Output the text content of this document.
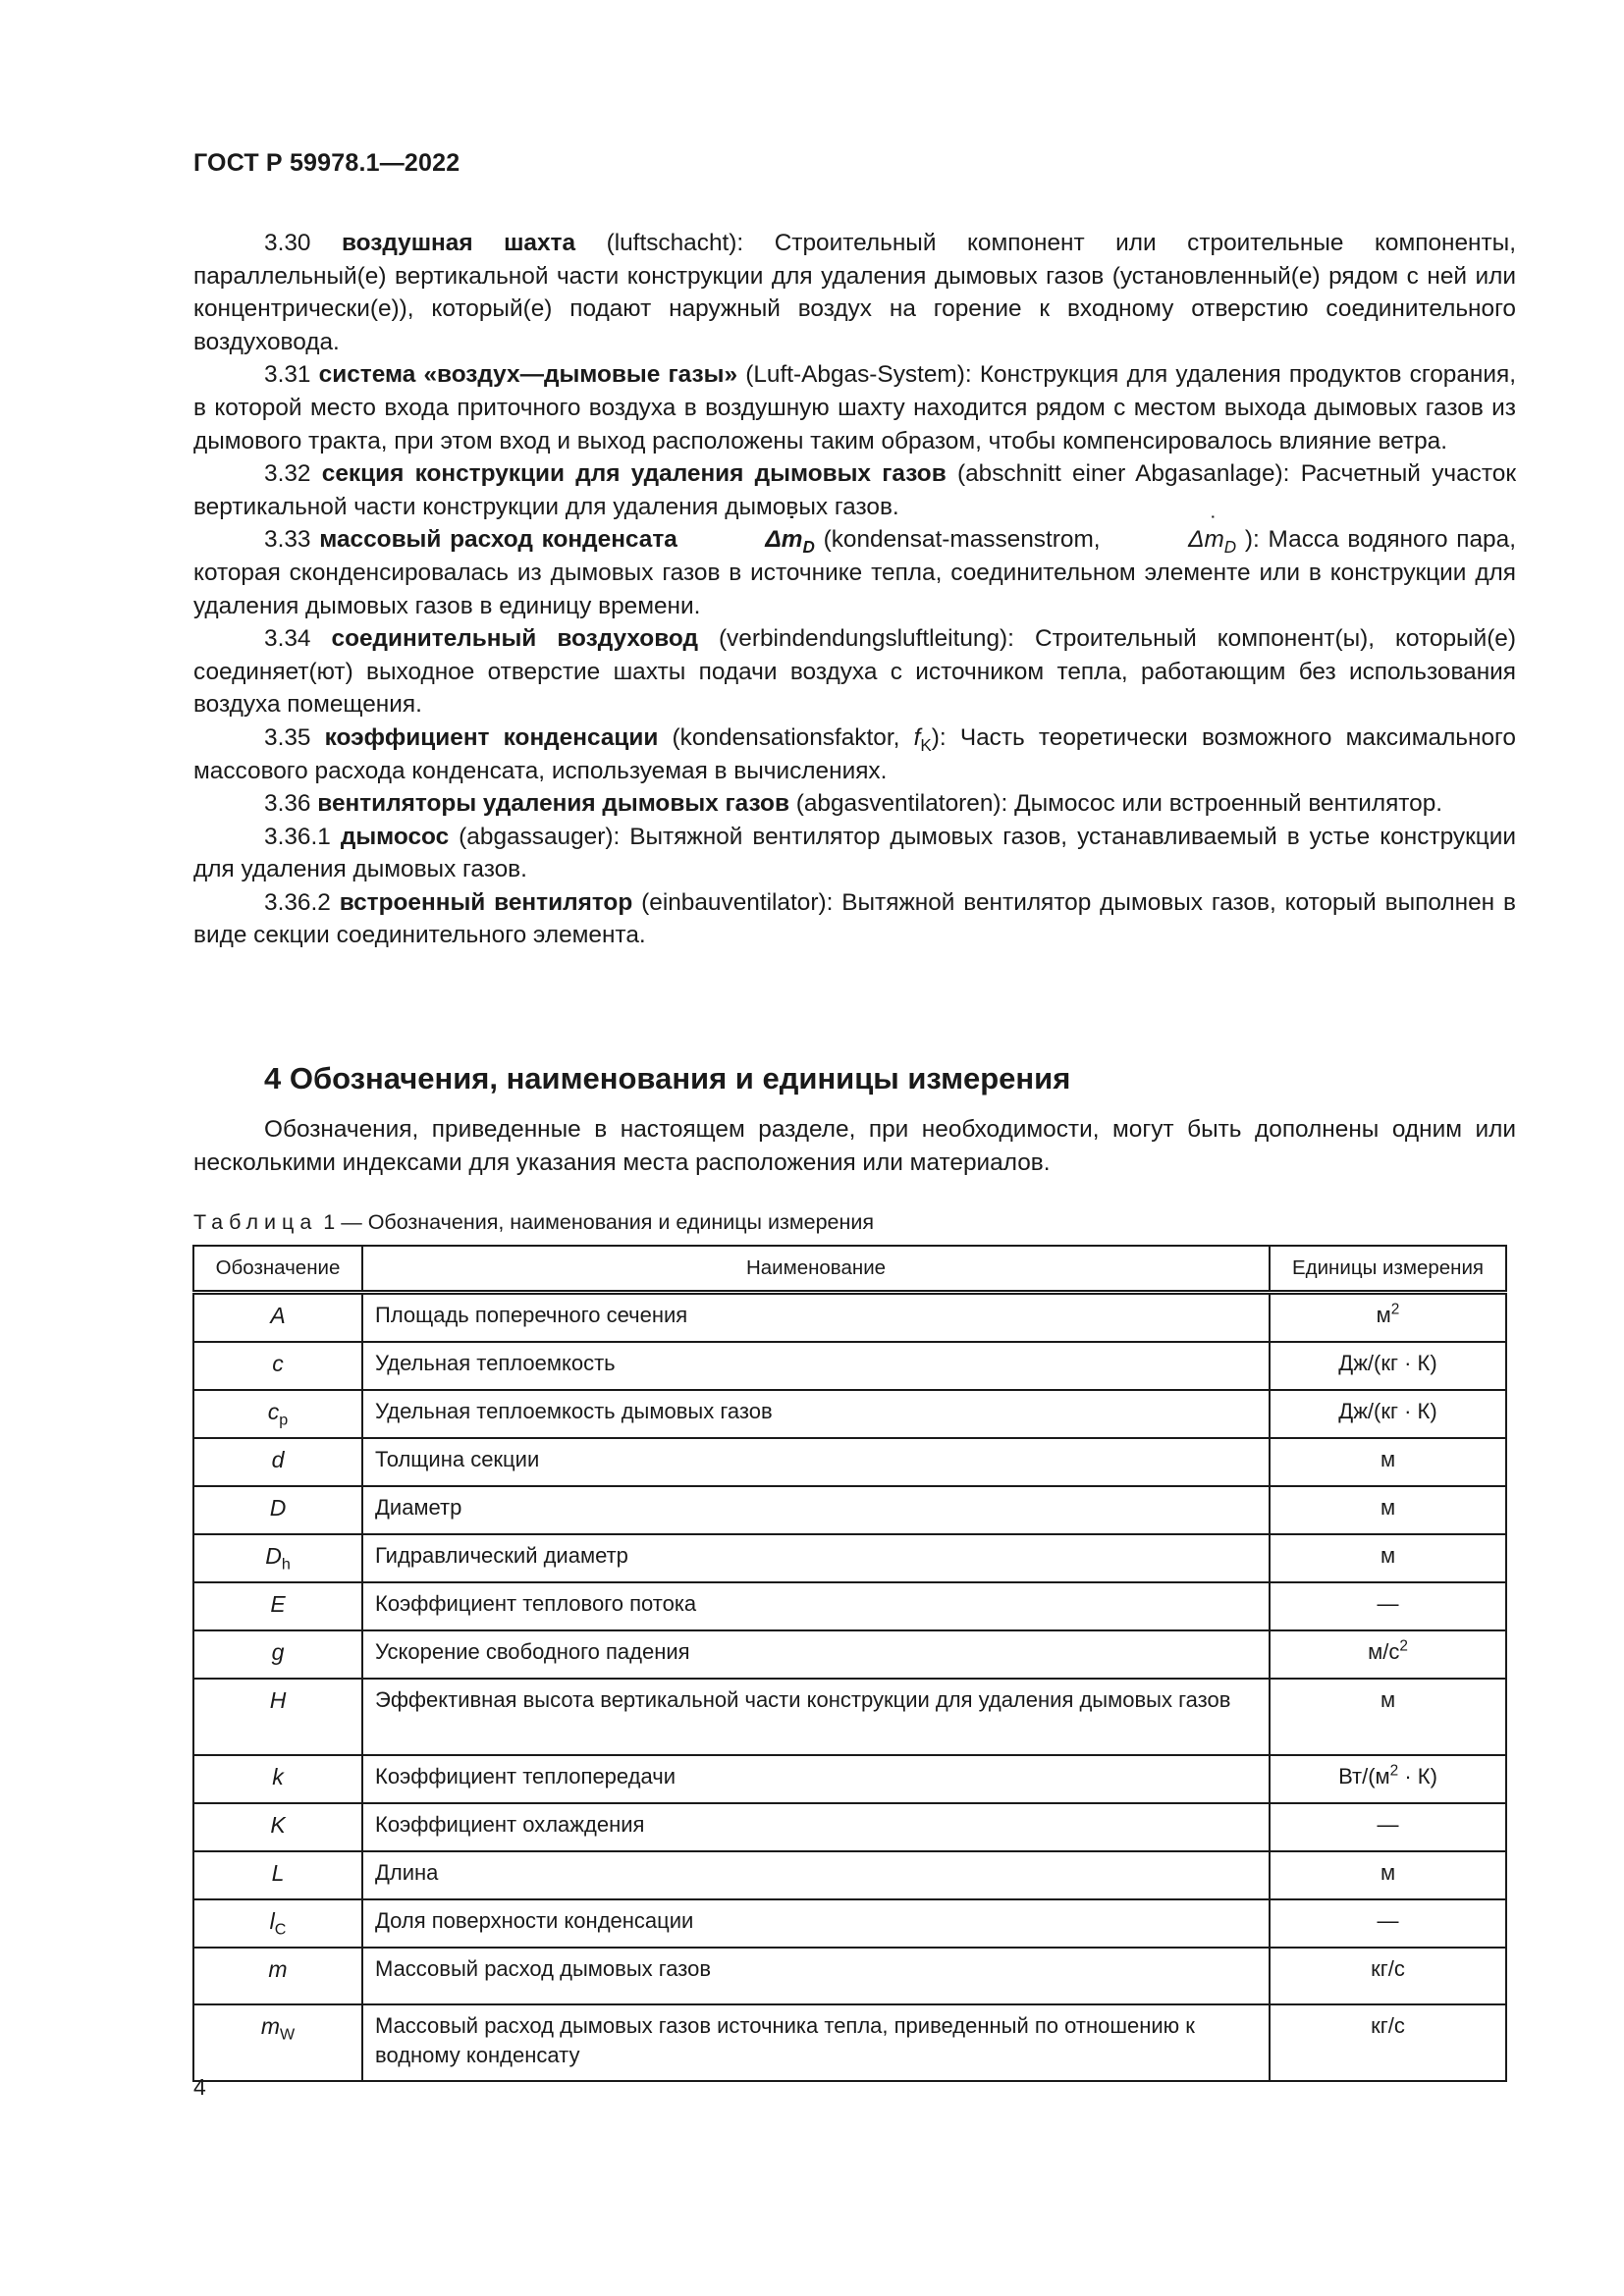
ГОСТ Р 59978.1—2022

3.30 воздушная шахта (luftschacht): Строительный компонент или строительные компоненты, параллельный(е) вертикальной части конструкции для удаления дымовых газов (установленный(е) рядом с ней или концентрически(е)), который(е) подают наружный воздух на горение к входному отверстию соединительного воздуховода.

3.31 система «воздух—дымовые газы» (Luft-Abgas-System): Конструкция для удаления продуктов сгорания, в которой место входа приточного воздуха в воздушную шахту находится рядом с местом выхода дымовых газов из дымового тракта, при этом вход и выход расположены таким образом, чтобы компенсировалось влияние ветра.

3.32 секция конструкции для удаления дымовых газов (abschnitt einer Abgasanlage): Расчетный участок вертикальной части конструкции для удаления дымовых газов.

3.33 массовый расход конденсата	˙ $\Delta m_D$ (kondensat-massenstrom,	˙ $\Delta m_D$ ): Масса водяного пара, которая сконденсировалась из дымовых газов в источнике тепла, соединительном элементе или в конструкции для удаления дымовых газов в единицу времени.

3.34 соединительный воздуховод (verbindendungsluftleitung): Строительный компонент(ы), который(е) соединяет(ют) выходное отверстие шахты подачи воздуха с источником тепла, работающим без использования воздуха помещения.

3.35 коэффициент конденсации (kondensationsfaktor, $f_K$): Часть теоретически возможного максимального массового расхода конденсата, используемая в вычислениях.

3.36 вентиляторы удаления дымовых газов (abgasventilatoren): Дымосос или встроенный вентилятор.

3.36.1 дымосос (abgassauger): Вытяжной вентилятор дымовых газов, устанавливаемый в устье конструкции для удаления дымовых газов.

3.36.2 встроенный вентилятор (einbauventilator): Вытяжной вентилятор дымовых газов, который выполнен в виде секции соединительного элемента.

4 Обозначения, наименования и единицы измерения

Обозначения, приведенные в настоящем разделе, при необходимости, могут быть дополнены одним или несколькими индексами для указания места расположения или материалов.

Таблица 1 — Обозначения, наименования и единицы измерения
Обозначение	Наименование	Единицы измерения
A	Площадь поперечного сечения	$м^2$
c	Удельная теплоемкость	Дж/(кг · К)
$c_p$	Удельная теплоемкость дымовых газов	Дж/(кг · К)
d	Толщина секции	м
D	Диаметр	м
$D_h$	Гидравлический диаметр	м
E	Коэффициент теплового потока	—
g	Ускорение свободного падения	$м/с^2$
H	Эффективная высота вертикальной части конструкции для удаления дымовых газов	м
k	Коэффициент теплопередачи	$Вт/(м^2 \cdot К)$
K	Коэффициент охлаждения	—
L	Длина	м
$l_C$	Доля поверхности конденсации	—
˙ m	Массовый расход дымовых газов	кг/с
˙ $m_W$	Массовый расход дымовых газов источника тепла, приведенный по отношению к водному конденсату	кг/с
4
